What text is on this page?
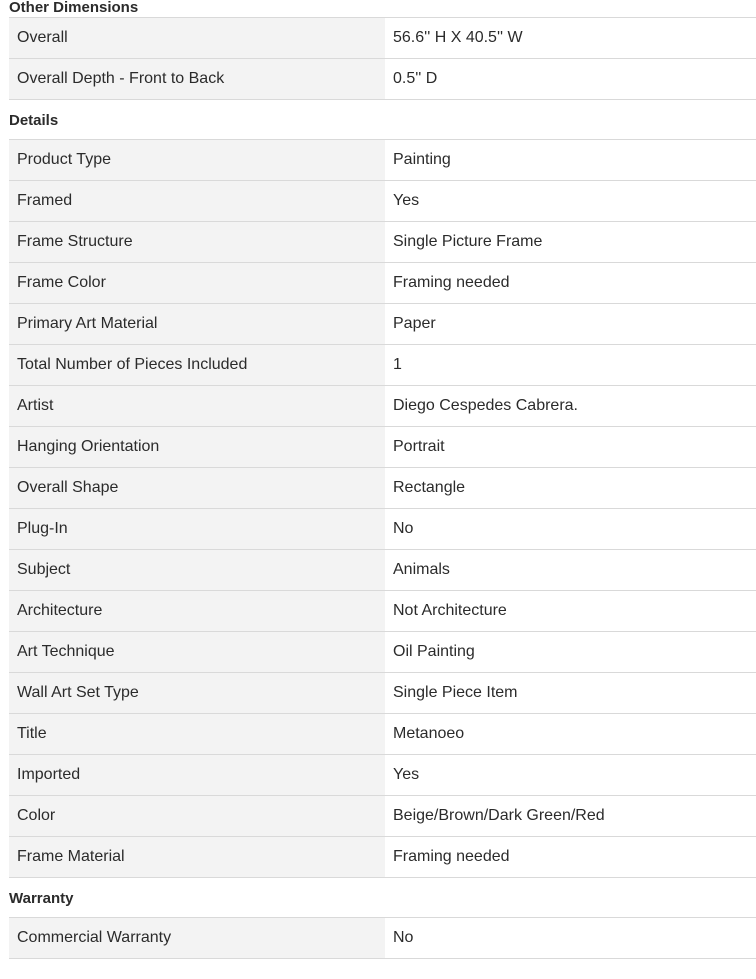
Other Dimensions
Overall	56.6'' H X 40.5'' W
Overall Depth - Front to Back	0.5'' D
Details
Product Type	Painting
Framed	Yes
Frame Structure	Single Picture Frame
Frame Color	Framing needed
Primary Art Material	Paper
Total Number of Pieces Included	1
Artist	Diego Cespedes Cabrera.
Hanging Orientation	Portrait
Overall Shape	Rectangle
Plug-In	No
Subject	Animals
Architecture	Not Architecture
Art Technique	Oil Painting
Wall Art Set Type	Single Piece Item
Title	Metanoeo
Imported	Yes
Color	Beige/Brown/Dark Green/Red
Frame Material	Framing needed
Warranty
Commercial Warranty	No
